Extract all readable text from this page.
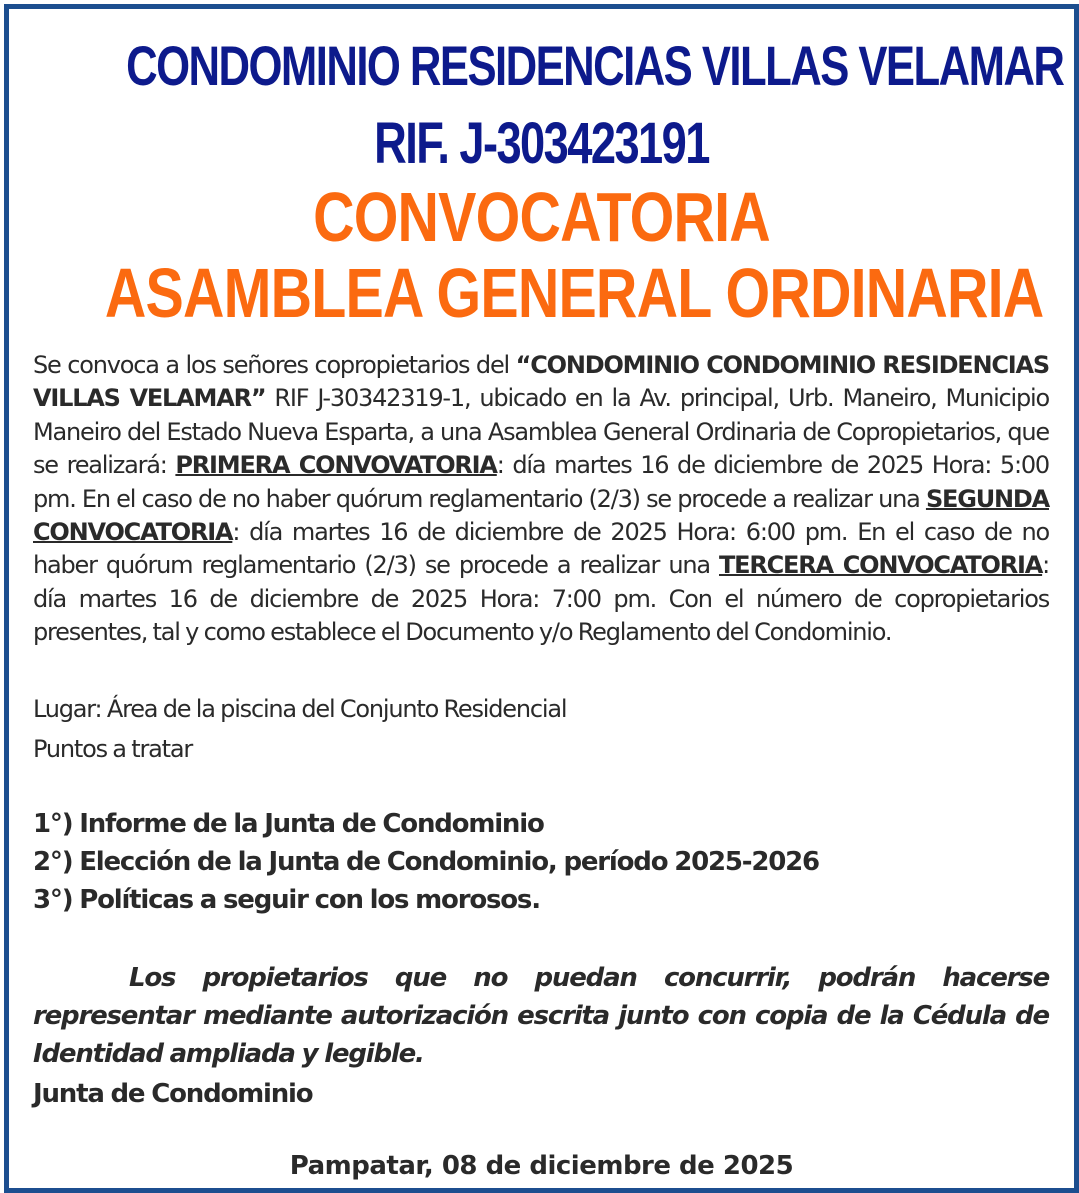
CONDOMINIO RESIDENCIAS VILLAS VELAMAR
RIF. J-303423191
CONVOCATORIA
ASAMBLEA GENERAL ORDINARIA
Se convoca a los señores copropietarios del “CONDOMINIO CONDOMINIO RESIDENCIAS VILLAS VELAMAR” RIF J-30342319-1, ubicado en la Av. principal, Urb. Maneiro, Municipio Maneiro del Estado Nueva Esparta, a una Asamblea General Ordinaria de Copropietarios, que se realizará: PRIMERA CONVOVATORIA: día martes 16 de diciembre de 2025 Hora: 5:00 pm. En el caso de no haber quórum reglamentario (2/3) se procede a realizar una SEGUNDA CONVOCATORIA: día martes 16 de diciembre de 2025 Hora: 6:00 pm. En el caso de no haber quórum reglamentario (2/3) se procede a realizar una TERCERA CONVOCATORIA: día martes 16 de diciembre de 2025 Hora: 7:00 pm. Con el número de copropietarios presentes, tal y como establece el Documento y/o Reglamento del Condominio.
Lugar: Área de la piscina del Conjunto Residencial
Puntos a tratar
1°) Informe de la Junta de Condominio
2°) Elección de la Junta de Condominio, período 2025-2026
3°) Políticas a seguir con los morosos.
Los propietarios que no puedan concurrir, podrán hacerse representar mediante autorización escrita junto con copia de la Cédula de Identidad ampliada y legible.
Junta de Condominio
Pampatar, 08 de diciembre de 2025
